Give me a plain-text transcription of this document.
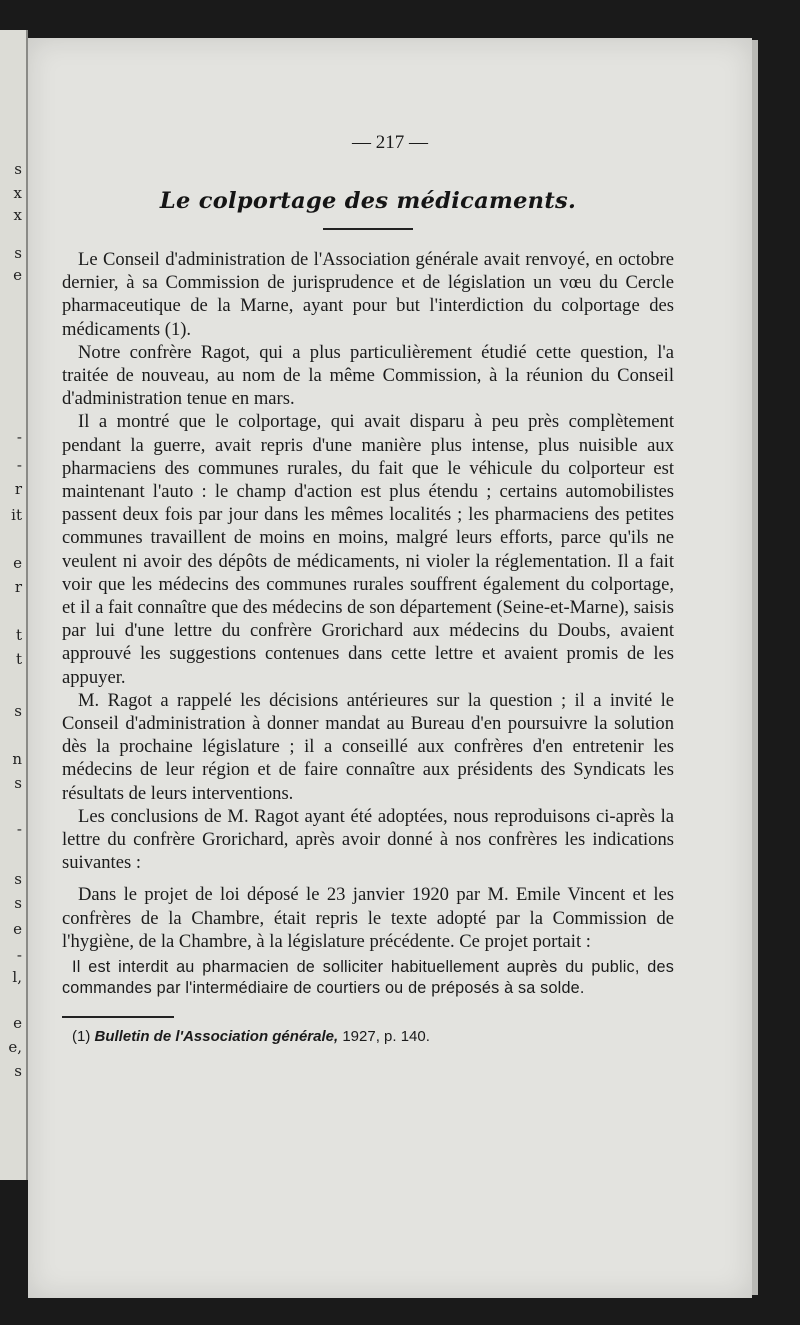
s
x
x
s
e
-
-
r
it
e
r
t
t
s
n
s
-
s
s
e
-
l,
e
e,
s
— 217 —
Le colportage des médicaments.

Le Conseil d'administration de l'Association générale avait renvoyé, en octobre dernier, à sa Commission de jurisprudence et de législation un vœu du Cercle pharmaceutique de la Marne, ayant pour but l'interdiction du colportage des médicaments (1).

Notre confrère Ragot, qui a plus particulièrement étudié cette question, l'a traitée de nouveau, au nom de la même Commission, à la réunion du Conseil d'administration tenue en mars.

Il a montré que le colportage, qui avait disparu à peu près complètement pendant la guerre, avait repris d'une manière plus intense, plus nuisible aux pharmaciens des communes rurales, du fait que le véhicule du colporteur est maintenant l'auto : le champ d'action est plus étendu ; certains automobilistes passent deux fois par jour dans les mêmes localités ; les pharmaciens des petites communes travaillent de moins en moins, malgré leurs efforts, parce qu'ils ne veulent ni avoir des dépôts de médicaments, ni violer la réglementation. Il a fait voir que les médecins des communes rurales souffrent également du colportage, et il a fait connaître que des médecins de son département (Seine-et-Marne), saisis par lui d'une lettre du confrère Grorichard aux médecins du Doubs, avaient approuvé les suggestions contenues dans cette lettre et avaient promis de les appuyer.

M. Ragot a rappelé les décisions antérieures sur la question ; il a invité le Conseil d'administration à donner mandat au Bureau d'en poursuivre la solution dès la prochaine législature ; il a conseillé aux confrères d'en entretenir les médecins de leur région et de faire connaître aux présidents des Syndicats les résultats de leurs interventions.

Les conclusions de M. Ragot ayant été adoptées, nous reproduisons ci-après la lettre du confrère Grorichard, après avoir donné à nos confrères les indications suivantes :

Dans le projet de loi déposé le 23 janvier 1920 par M. Emile Vincent et les confrères de la Chambre, était repris le texte adopté par la Commission de l'hygiène, de la Chambre, à la législature précédente. Ce projet portait :

Il est interdit au pharmacien de solliciter habituellement auprès du public, des commandes par l'intermédiaire de courtiers ou de préposés à sa solde.

(1) Bulletin de l'Association générale, 1927, p. 140.
